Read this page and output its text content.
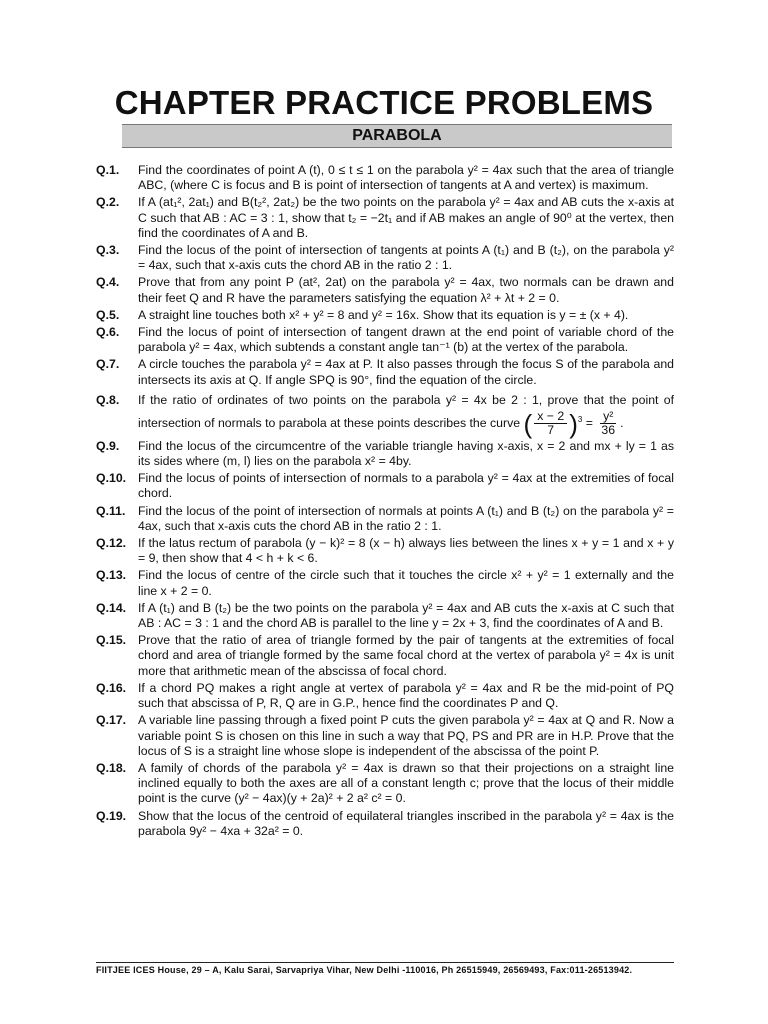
CHAPTER PRACTICE PROBLEMS
PARABOLA
Q.1.	Find the coordinates of point A (t), 0 ≤ t ≤ 1 on the parabola y² = 4ax such that the area of triangle ABC, (where C is focus and B is point of intersection of tangents at A and vertex) is maximum.
Q.2.	If A (at₁², 2at₁) and B(t₂², 2at₂) be the two points on the parabola y² = 4ax and AB cuts the x-axis at C such that AB : AC = 3 : 1, show that t₂ = −2t₁ and if AB makes an angle of 90⁰ at the vertex, then find the coordinates of A and B.
Q.3.	Find the locus of the point of intersection of tangents at points A (t₁) and B (t₂), on the parabola y² = 4ax, such that x-axis cuts the chord AB in the ratio 2 : 1.
Q.4.	Prove that from any point P (at², 2at) on the parabola y² = 4ax, two normals can be drawn and their feet Q and R have the parameters satisfying the equation λ² + λt + 2 = 0.
Q.5.	A straight line touches both x² + y² = 8 and y² = 16x. Show that its equation is y = ± (x + 4).
Q.6.	Find the locus of point of intersection of tangent drawn at the end point of variable chord of the parabola y² = 4ax, which subtends a constant angle tan⁻¹ (b) at the vertex of the parabola.
Q.7.	A circle touches the parabola y² = 4ax at P. It also passes through the focus S of the parabola and intersects its axis at Q. If angle SPQ is 90°, find the equation of the circle.
Q.8.	If the ratio of ordinates of two points on the parabola y² = 4x be 2 : 1, prove that the point of intersection of normals to parabola at these points describes the curve ( $\frac{x - 2}{7} )^3 = \frac{\text{y²}}{36}$ .
Q.9.	Find the locus of the circumcentre of the variable triangle having x-axis, x = 2 and mx + ly = 1 as its sides where (m, l) lies on the parabola x² = 4by.
Q.10. Find the locus of points of intersection of normals to a parabola y² = 4ax at the extremities of focal chord.
Q.11.	Find the locus of the point of intersection of normals at points A (t₁) and B (t₂) on the parabola y² = 4ax, such that x-axis cuts the chord AB in the ratio 2 : 1.
Q.12. If the latus rectum of parabola (y − k)² = 8 (x − h) always lies between the lines x + y = 1 and x + y = 9, then show that 4 < h + k < 6.
Q.13. Find the locus of centre of the circle such that it touches the circle x² + y² = 1 externally and the line x + 2 = 0.
Q.14. If A (t₁) and B (t₂) be the two points on the parabola y² = 4ax and AB cuts the x-axis at C such that AB : AC = 3 : 1 and the chord AB is parallel to the line y = 2x + 3, find the coordinates of A and B.
Q.15. Prove that the ratio of area of triangle formed by the pair of tangents at the extremities of focal chord and area of triangle formed by the same focal chord at the vertex of parabola y² = 4x is unit more that arithmetic mean of the abscissa of focal chord.
Q.16. If a chord PQ makes a right angle at vertex of parabola y² = 4ax and R be the mid-point of PQ such that abscissa of P, R, Q are in G.P., hence find the coordinates P and Q.
Q.17. A variable line passing through a fixed point P cuts the given parabola y² = 4ax at Q and R. Now a variable point S is chosen on this line in such a way that PQ, PS and PR are in H.P. Prove that the locus of S is a straight line whose slope is independent of the abscissa of the point P.
Q.18. A family of chords of the parabola y² = 4ax is drawn so that their projections on a straight line inclined equally to both the axes are all of a constant length c; prove that the locus of their middle point is the curve (y² − 4ax)(y + 2a)² + 2 a² c² = 0.
Q.19. Show that the locus of the centroid of equilateral triangles inscribed in the parabola y² = 4ax is the parabola 9y² − 4xa + 32a² = 0.
FIITJEE ICES House, 29 – A, Kalu Sarai, Sarvapriya Vihar, New Delhi -110016, Ph 26515949, 26569493, Fax:011-26513942.
